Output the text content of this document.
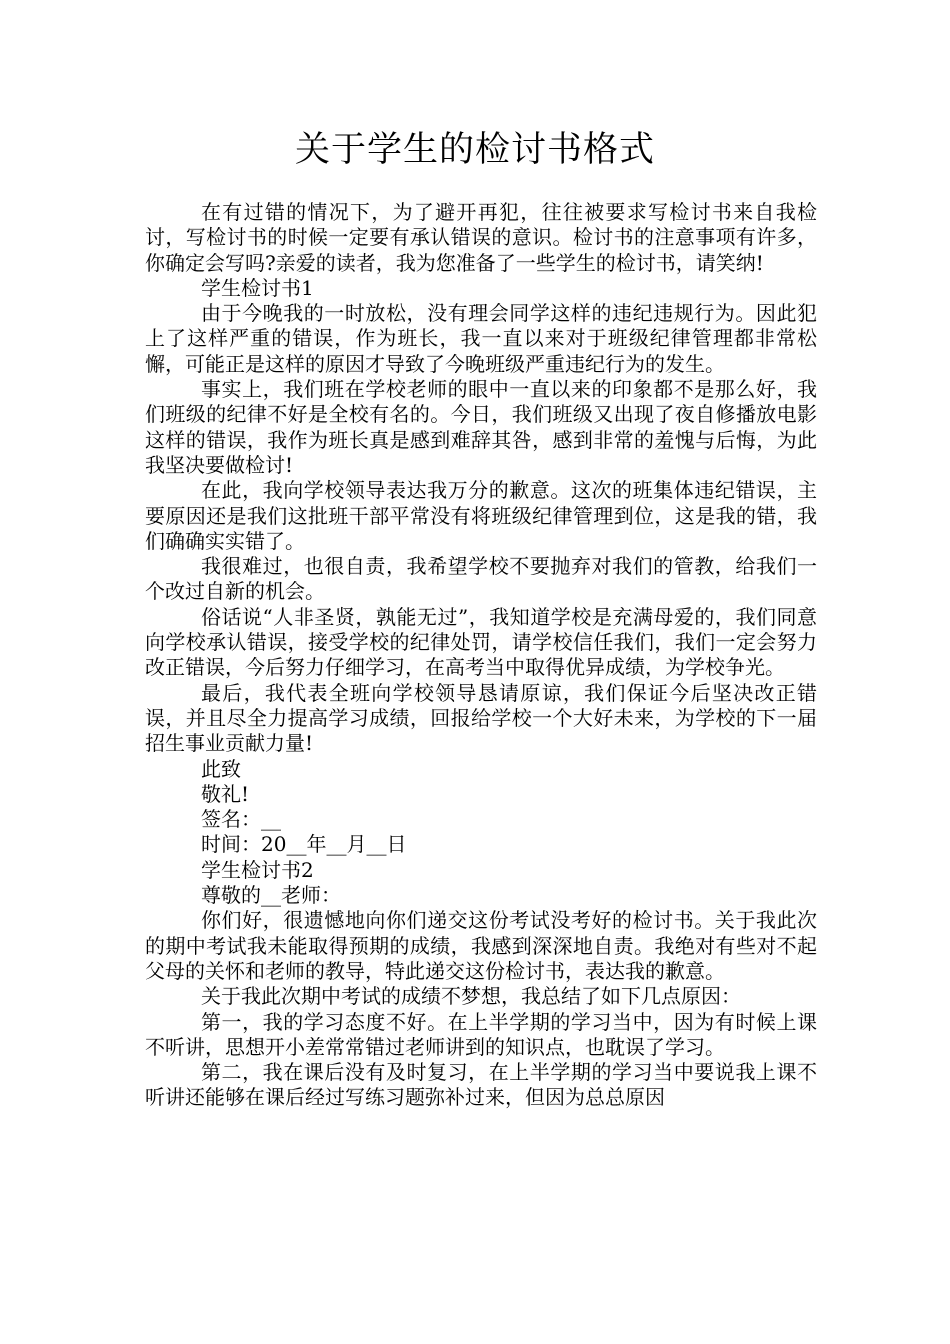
关于学生的检讨书格式

在有过错的情况下，为了避开再犯，往往被要求写检讨书来自我检讨，写检讨书的时候一定要有承认错误的意识。检讨书的注意事项有许多，你确定会写吗?亲爱的读者，我为您准备了一些学生的检讨书，请笑纳!

学生检讨书1

由于今晚我的一时放松，没有理会同学这样的违纪违规行为。因此犯上了这样严重的错误，作为班长，我一直以来对于班级纪律管理都非常松懈，可能正是这样的原因才导致了今晚班级严重违纪行为的发生。

事实上，我们班在学校老师的眼中一直以来的印象都不是那么好，我们班级的纪律不好是全校有名的。今日，我们班级又出现了夜自修播放电影这样的错误，我作为班长真是感到难辞其咎，感到非常的羞愧与后悔，为此我坚决要做检讨!

在此，我向学校领导表达我万分的歉意。这次的班集体违纪错误，主要原因还是我们这批班干部平常没有将班级纪律管理到位，这是我的错，我们确确实实错了。

我很难过，也很自责，我希望学校不要抛弃对我们的管教，给我们一个改过自新的机会。

俗话说“人非圣贤，孰能无过”，我知道学校是充满母爱的，我们同意向学校承认错误，接受学校的纪律处罚，请学校信任我们，我们一定会努力改正错误，今后努力仔细学习，在高考当中取得优异成绩，为学校争光。

最后，我代表全班向学校领导恳请原谅，我们保证今后坚决改正错误，并且尽全力提高学习成绩，回报给学校一个大好未来，为学校的下一届招生事业贡献力量!

此致

敬礼!

签名：__

时间：20__年__月__日

学生检讨书2

尊敬的__老师：

你们好，很遗憾地向你们递交这份考试没考好的检讨书。关于我此次的期中考试我未能取得预期的成绩，我感到深深地自责。我绝对有些对不起父母的关怀和老师的教导，特此递交这份检讨书，表达我的歉意。

关于我此次期中考试的成绩不梦想，我总结了如下几点原因：

第一，我的学习态度不好。在上半学期的学习当中，因为有时候上课不听讲，思想开小差常常错过老师讲到的知识点，也耽误了学习。

第二，我在课后没有及时复习，在上半学期的学习当中要说我上课不听讲还能够在课后经过写练习题弥补过来，但因为总总原因
